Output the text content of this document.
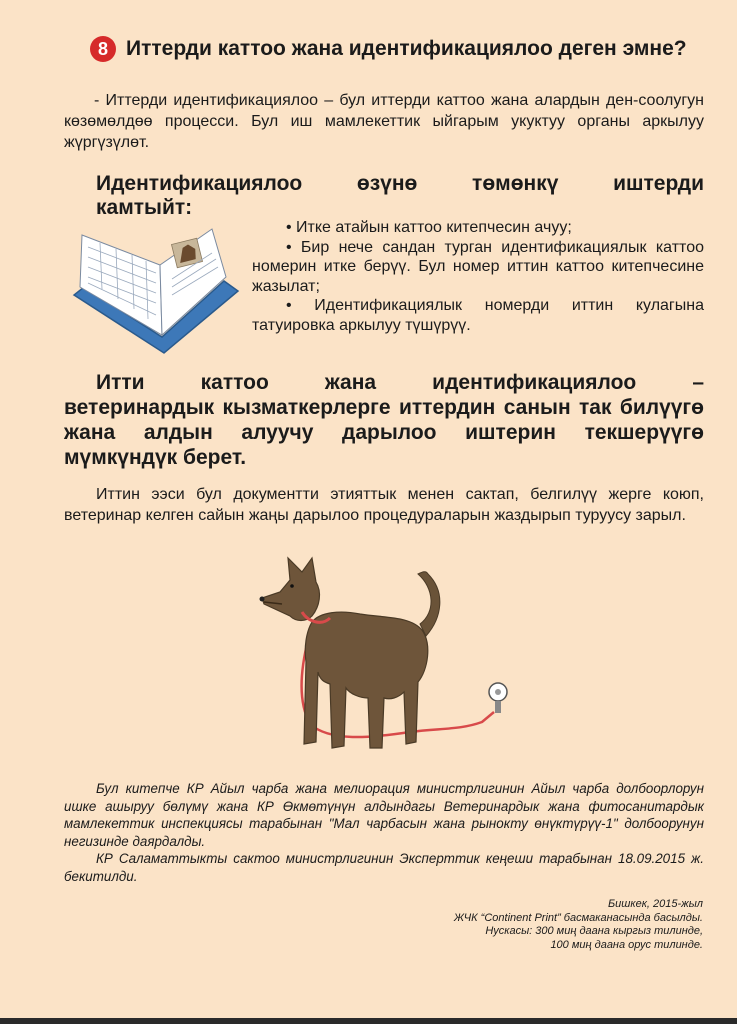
8 Иттерди каттоо жана идентификациялоо деген эмне?
- Иттерди идентификациялоо – бул иттерди каттоо жана алардын ден-соолугун көзөмөлдөө процесси. Бул иш мамлекеттик ыйгарым укуктуу органы аркылуу жүргүзүлөт.
Идентификациялоо өзүнө төмөнкү иштерди
камтыйт:

• Итке атайын каттоо китепчесин ачуу;

• Бир нече сандан турган идентификациялык каттоо номерин итке берүү. Бул номер иттин каттоо китепчесине жазылат;

• Идентификациялык номерди иттин кулагына татуировка аркылуу түшүрүү.

Итти каттоо жана идентификациялоо –
ветеринардык кызматкерлерге иттердин санын так билүүгө жана алдын алуучу дарылоо иштерин текшерүүгө мүмкүндүк берет.
Иттин ээси бул документти этияттык менен сактап, белгилүү жерге коюп, ветеринар келген сайын жаңы дарылоо процедураларын жаздырып туруусу зарыл.

Бул китепче КР Айыл чарба жана мелиорация министрлигинин Айыл чарба долбоорлорун ишке ашыруу бөлүмү жана КР Өкмөтүнүн алдындагы Ветеринардык жана фитосанитардык мамлекеттик инспекциясы тарабынан "Мал чарбасын жана рынокту өнүктүрүү-1" долбоорунун негизинде даярдалды.

КР Саламаттыкты сактоо министрлигинин Эксперттик кеңеши тарабынан 18.09.2015 ж. бекитилди.

Бишкек, 2015-жыл
ЖЧК “Continent Print” басмаканасында басылды.
Нускасы: 300 миң даана кыргыз тилинде,
100 миң даана орус тилинде.
